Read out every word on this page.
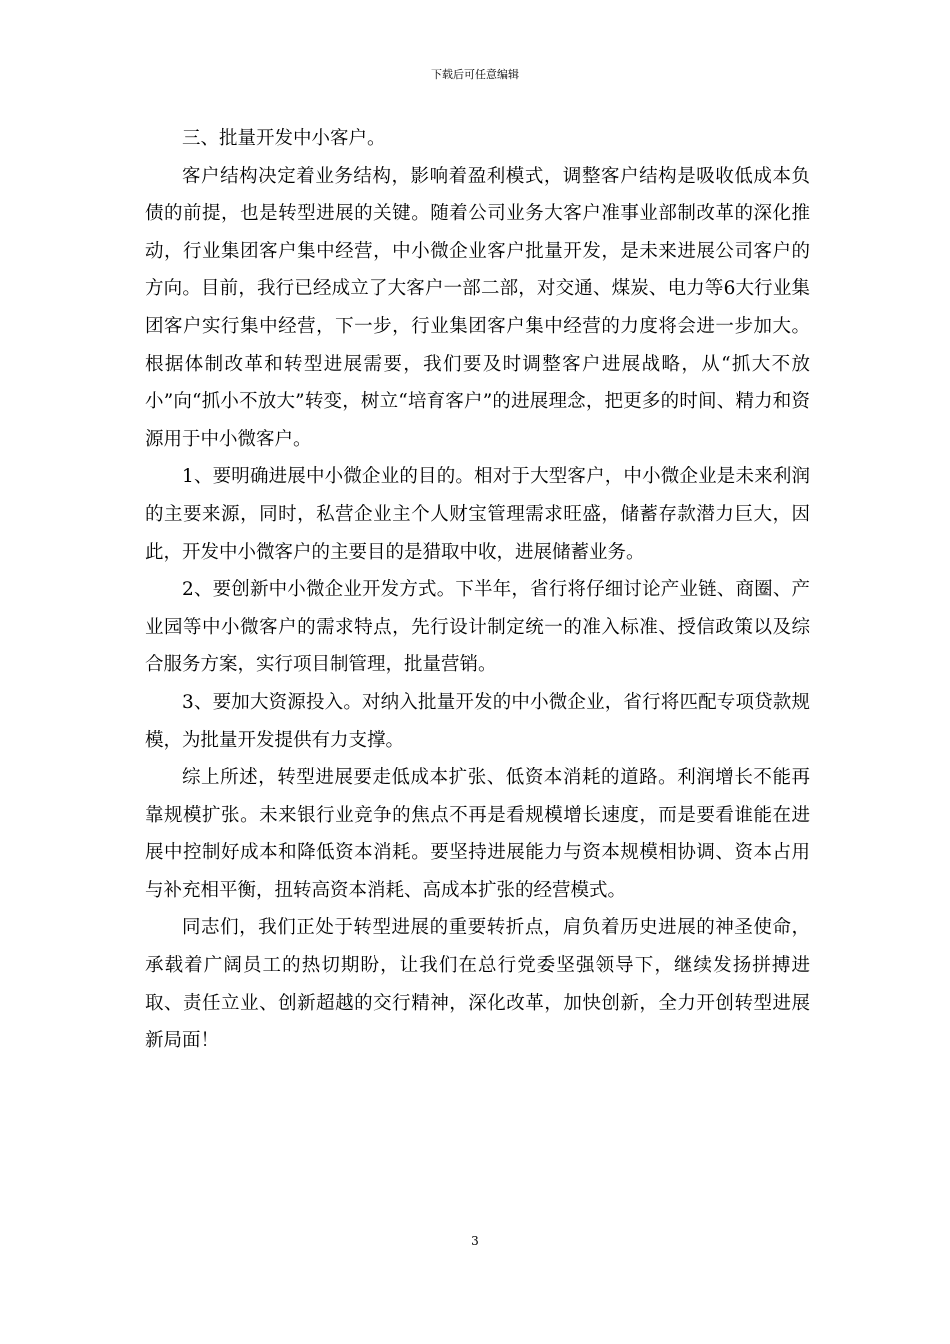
下载后可任意编辑

三、批量开发中小客户。

客户结构决定着业务结构，影响着盈利模式，调整客户结构是吸收低成本负债的前提，也是转型进展的关键。随着公司业务大客户准事业部制改革的深化推动，行业集团客户集中经营，中小微企业客户批量开发，是未来进展公司客户的方向。目前，我行已经成立了大客户一部二部，对交通、煤炭、电力等6大行业集团客户实行集中经营，下一步，行业集团客户集中经营的力度将会进一步加大。根据体制改革和转型进展需要，我们要及时调整客户进展战略，从“抓大不放小”向“抓小不放大”转变，树立“培育客户”的进展理念，把更多的时间、精力和资源用于中小微客户。

1、要明确进展中小微企业的目的。相对于大型客户，中小微企业是未来利润的主要来源，同时，私营企业主个人财宝管理需求旺盛，储蓄存款潜力巨大，因此，开发中小微客户的主要目的是猎取中收，进展储蓄业务。

2、要创新中小微企业开发方式。下半年，省行将仔细讨论产业链、商圈、产业园等中小微客户的需求特点，先行设计制定统一的准入标准、授信政策以及综合服务方案，实行项目制管理，批量营销。

3、要加大资源投入。对纳入批量开发的中小微企业，省行将匹配专项贷款规模，为批量开发提供有力支撑。

综上所述，转型进展要走低成本扩张、低资本消耗的道路。利润增长不能再靠规模扩张。未来银行业竞争的焦点不再是看规模增长速度，而是要看谁能在进展中控制好成本和降低资本消耗。要坚持进展能力与资本规模相协调、资本占用与补充相平衡，扭转高资本消耗、高成本扩张的经营模式。

同志们，我们正处于转型进展的重要转折点，肩负着历史进展的神圣使命，承载着广阔员工的热切期盼，让我们在总行党委坚强领导下，继续发扬拼搏进取、责任立业、创新超越的交行精神，深化改革，加快创新，全力开创转型进展新局面！

3
